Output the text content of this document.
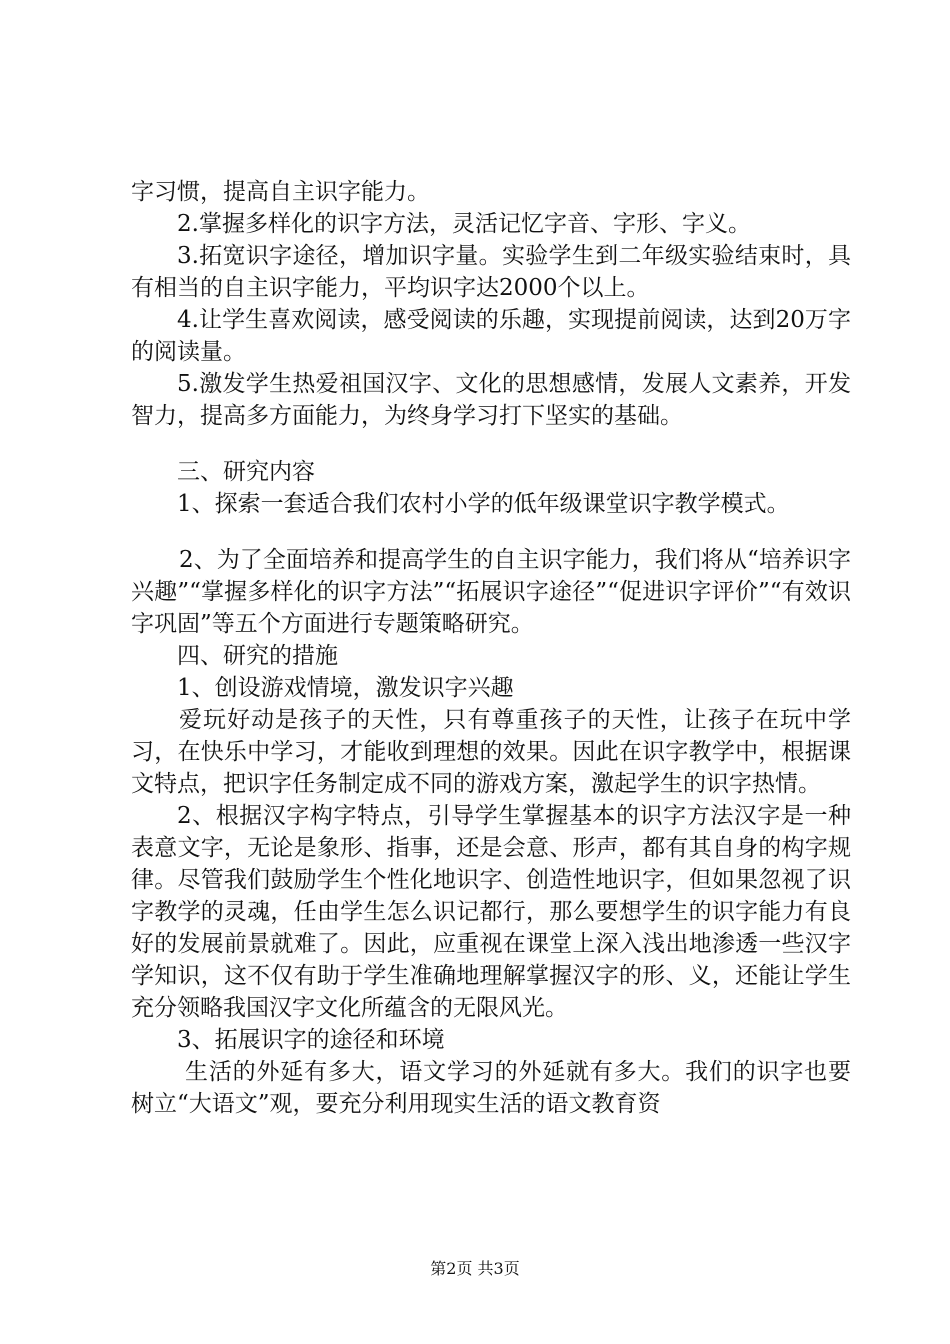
字习惯，提高自主识字能力。

2.掌握多样化的识字方法，灵活记忆字音、字形、字义。

3.拓宽识字途径，增加识字量。实验学生到二年级实验结束时，具有相当的自主识字能力，平均识字达2000个以上。

4.让学生喜欢阅读，感受阅读的乐趣，实现提前阅读，达到20万字的阅读量。

5.激发学生热爱祖国汉字、文化的思想感情，发展人文素养，开发智力，提高多方面能力，为终身学习打下坚实的基础。

三、研究内容

1、探索一套适合我们农村小学的低年级课堂识字教学模式。

2、为了全面培养和提高学生的自主识字能力，我们将从“培养识字兴趣”“掌握多样化的识字方法”“拓展识字途径”“促进识字评价”“有效识字巩固”等五个方面进行专题策略研究。

四、研究的措施

1、创设游戏情境，激发识字兴趣

爱玩好动是孩子的天性，只有尊重孩子的天性，让孩子在玩中学习，在快乐中学习，才能收到理想的效果。因此在识字教学中，根据课文特点，把识字任务制定成不同的游戏方案，激起学生的识字热情。

2、根据汉字构字特点，引导学生掌握基本的识字方法汉字是一种表意文字，无论是象形、指事，还是会意、形声，都有其自身的构字规律。尽管我们鼓励学生个性化地识字、创造性地识字，但如果忽视了识字教学的灵魂，任由学生怎么识记都行，那么要想学生的识字能力有良好的发展前景就难了。因此，应重视在课堂上深入浅出地渗透一些汉字学知识，这不仅有助于学生准确地理解掌握汉字的形、义，还能让学生充分领略我国汉字文化所蕴含的无限风光。

3、拓展识字的途径和环境

生活的外延有多大，语文学习的外延就有多大。我们的识字也要树立“大语文”观，要充分利用现实生活的语文教育资

第2页 共3页
